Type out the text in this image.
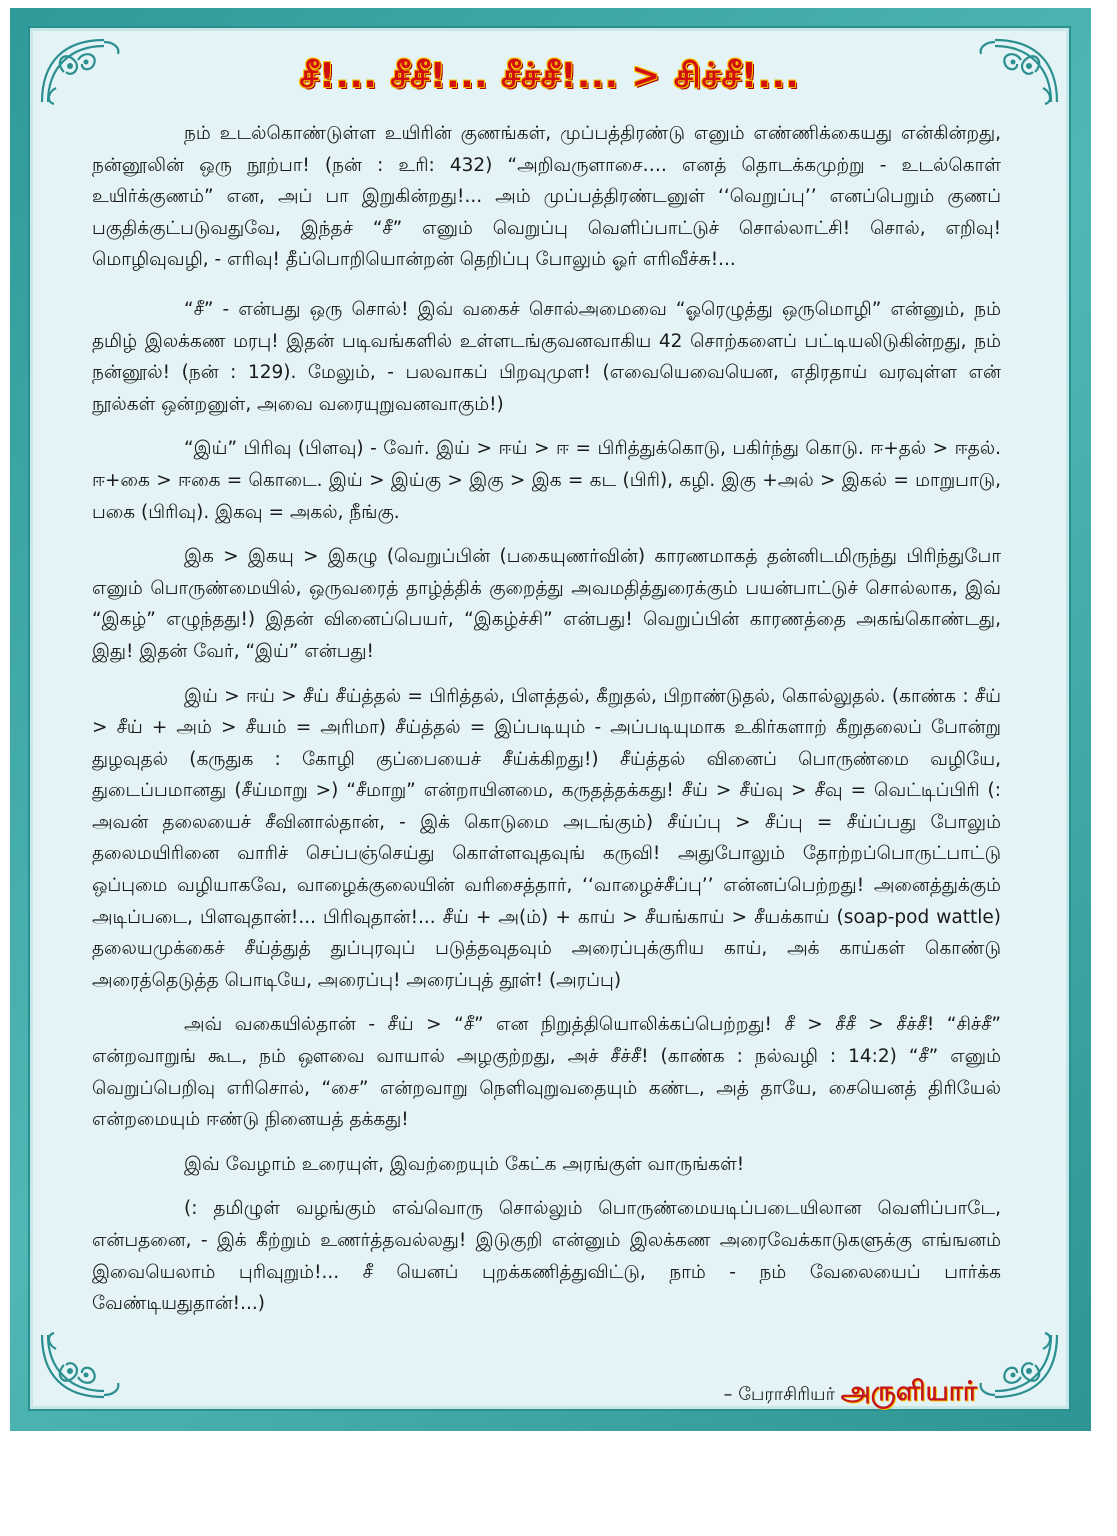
சீ!... சீசீ!... சீச்சீ!... > சிச்சீ!...

நம் உடல்கொண்டுள்ள உயிரின் குணங்கள், முப்பத்திரண்டு எனும் எண்ணிக்கையது என்கின்றது, நன்னூலின் ஒரு நூற்பா! (நன் : உரி: 432) “அறிவருளாசை…. எனத் தொடக்கமுற்று - உடல்கொள் உயிர்க்குணம்” என, அப் பா இறுகின்றது!... அம் முப்பத்திரண்டனுள் ‘‘வெறுப்பு’’ எனப்பெறும் குணப் பகுதிக்குட்படுவதுவே, இந்தச் “சீ” எனும் வெறுப்பு வெளிப்பாட்டுச் சொல்லாட்சி! சொல், எறிவு! மொழிவுவழி, - எரிவு! தீப்பொறியொன்றன் தெறிப்பு போலும் ஓர் எரிவீச்சு!...

“சீ” - என்பது ஒரு சொல்! இவ் வகைச் சொல்அமைவை “ஓரெழுத்து ஒருமொழி” என்னும், நம் தமிழ் இலக்கண மரபு! இதன் படிவங்களில் உள்ளடங்குவனவாகிய 42 சொற்களைப் பட்டியலிடுகின்றது, நம் நன்னூல்! (நன் : 129). மேலும், - பலவாகப் பிறவுமுள! (எவையெவையென, எதிரதாய் வரவுள்ள என் நூல்கள் ஒன்றனுள், அவை வரையுறுவனவாகும்!)

“இய்” பிரிவு (பிளவு) - வேர். இய் > ஈய் > ஈ = பிரித்துக்கொடு, பகிர்ந்து கொடு. ஈ+தல் > ஈதல். ஈ+கை > ஈகை = கொடை. இய் > இய்கு > இகு > இக = கட (பிரி), கழி. இகு +அல் > இகல் = மாறுபாடு, பகை (பிரிவு). இகவு = அகல், நீங்கு.

இக > இகயு > இகழு (வெறுப்பின் (பகையுணர்வின்) காரணமாகத் தன்னிடமிருந்து பிரிந்துபோ எனும் பொருண்மையில், ஒருவரைத் தாழ்த்திக் குறைத்து அவமதித்துரைக்கும் பயன்பாட்டுச் சொல்லாக, இவ் “இகழ்” எழுந்தது!) இதன் வினைப்பெயர், “இகழ்ச்சி” என்பது! வெறுப்பின் காரணத்தை அகங்கொண்டது, இது! இதன் வேர், “இய்” என்பது!

இய் > ஈய் > சீய் சீய்த்தல் = பிரித்தல், பிளத்தல், கீறுதல், பிறாண்டுதல், கொல்லுதல். (காண்க : சீய் > சீய் + அம் > சீயம் = அரிமா) சீய்த்தல் = இப்படியும் - அப்படியுமாக உகிர்களாற் கீறுதலைப் போன்று துழவுதல் (கருதுக : கோழி குப்பையைச் சீய்க்கிறது!) சீய்த்தல் வினைப் பொருண்மை வழியே, துடைப்பமானது (சீய்மாறு >) “சீமாறு” என்றாயினமை, கருதத்தக்கது! சீய் > சீய்வு > சீவு = வெட்டிப்பிரி (: அவன் தலையைச் சீவினால்தான், - இக் கொடுமை அடங்கும்) சீய்ப்பு > சீப்பு = சீய்ப்பது போலும் தலைமயிரினை வாரிச் செப்பஞ்செய்து கொள்ளவுதவுங் கருவி! அதுபோலும் தோற்றப்பொருட்பாட்டு ஒப்புமை வழியாகவே, வாழைக்குலையின் வரிசைத்தார், ‘‘வாழைச்சீப்பு’’ என்னப்பெற்றது! அனைத்துக்கும் அடிப்படை, பிளவுதான்!... பிரிவுதான்!... சீய் + அ(ம்) + காய் > சீயங்காய் > சீயக்காய் (soap-pod wattle) தலையமுக்கைச் சீய்த்துத் துப்புரவுப் படுத்தவுதவும் அரைப்புக்குரிய காய், அக் காய்கள் கொண்டு அரைத்தெடுத்த பொடியே, அரைப்பு! அரைப்புத் தூள்! (அரப்பு)

அவ் வகையில்தான் - சீய் > “சீ” என நிறுத்தியொலிக்கப்பெற்றது! சீ > சீசீ > சீச்சீ! “சிச்சீ” என்றவாறுங் கூட, நம் ஔவை வாயால் அழகுற்றது, அச் சீச்சீ! (காண்க : நல்வழி : 14:2) “சீ” எனும் வெறுப்பெறிவு எரிசொல், “சை” என்றவாறு நெளிவுறுவதையும் கண்ட, அத் தாயே, சையெனத் திரியேல் என்றமையும் ஈண்டு நினையத் தக்கது!

இவ் வேழாம் உரையுள், இவற்றையும் கேட்க அரங்குள் வாருங்கள்!

(: தமிழுள் வழங்கும் எவ்வொரு சொல்லும் பொருண்மையடிப்படையிலான வெளிப்பாடே, என்பதனை, - இக் கீற்றும் உணர்த்தவல்லது! இடுகுறி என்னும் இலக்கண அரைவேக்காடுகளுக்கு எங்ஙனம் இவையெலாம் புரிவுறும்!... சீ யெனப் புறக்கணித்துவிட்டு, நாம் - நம் வேலையைப் பார்க்க வேண்டியதுதான்!...)

– பேராசிரியர் அருளியார்
